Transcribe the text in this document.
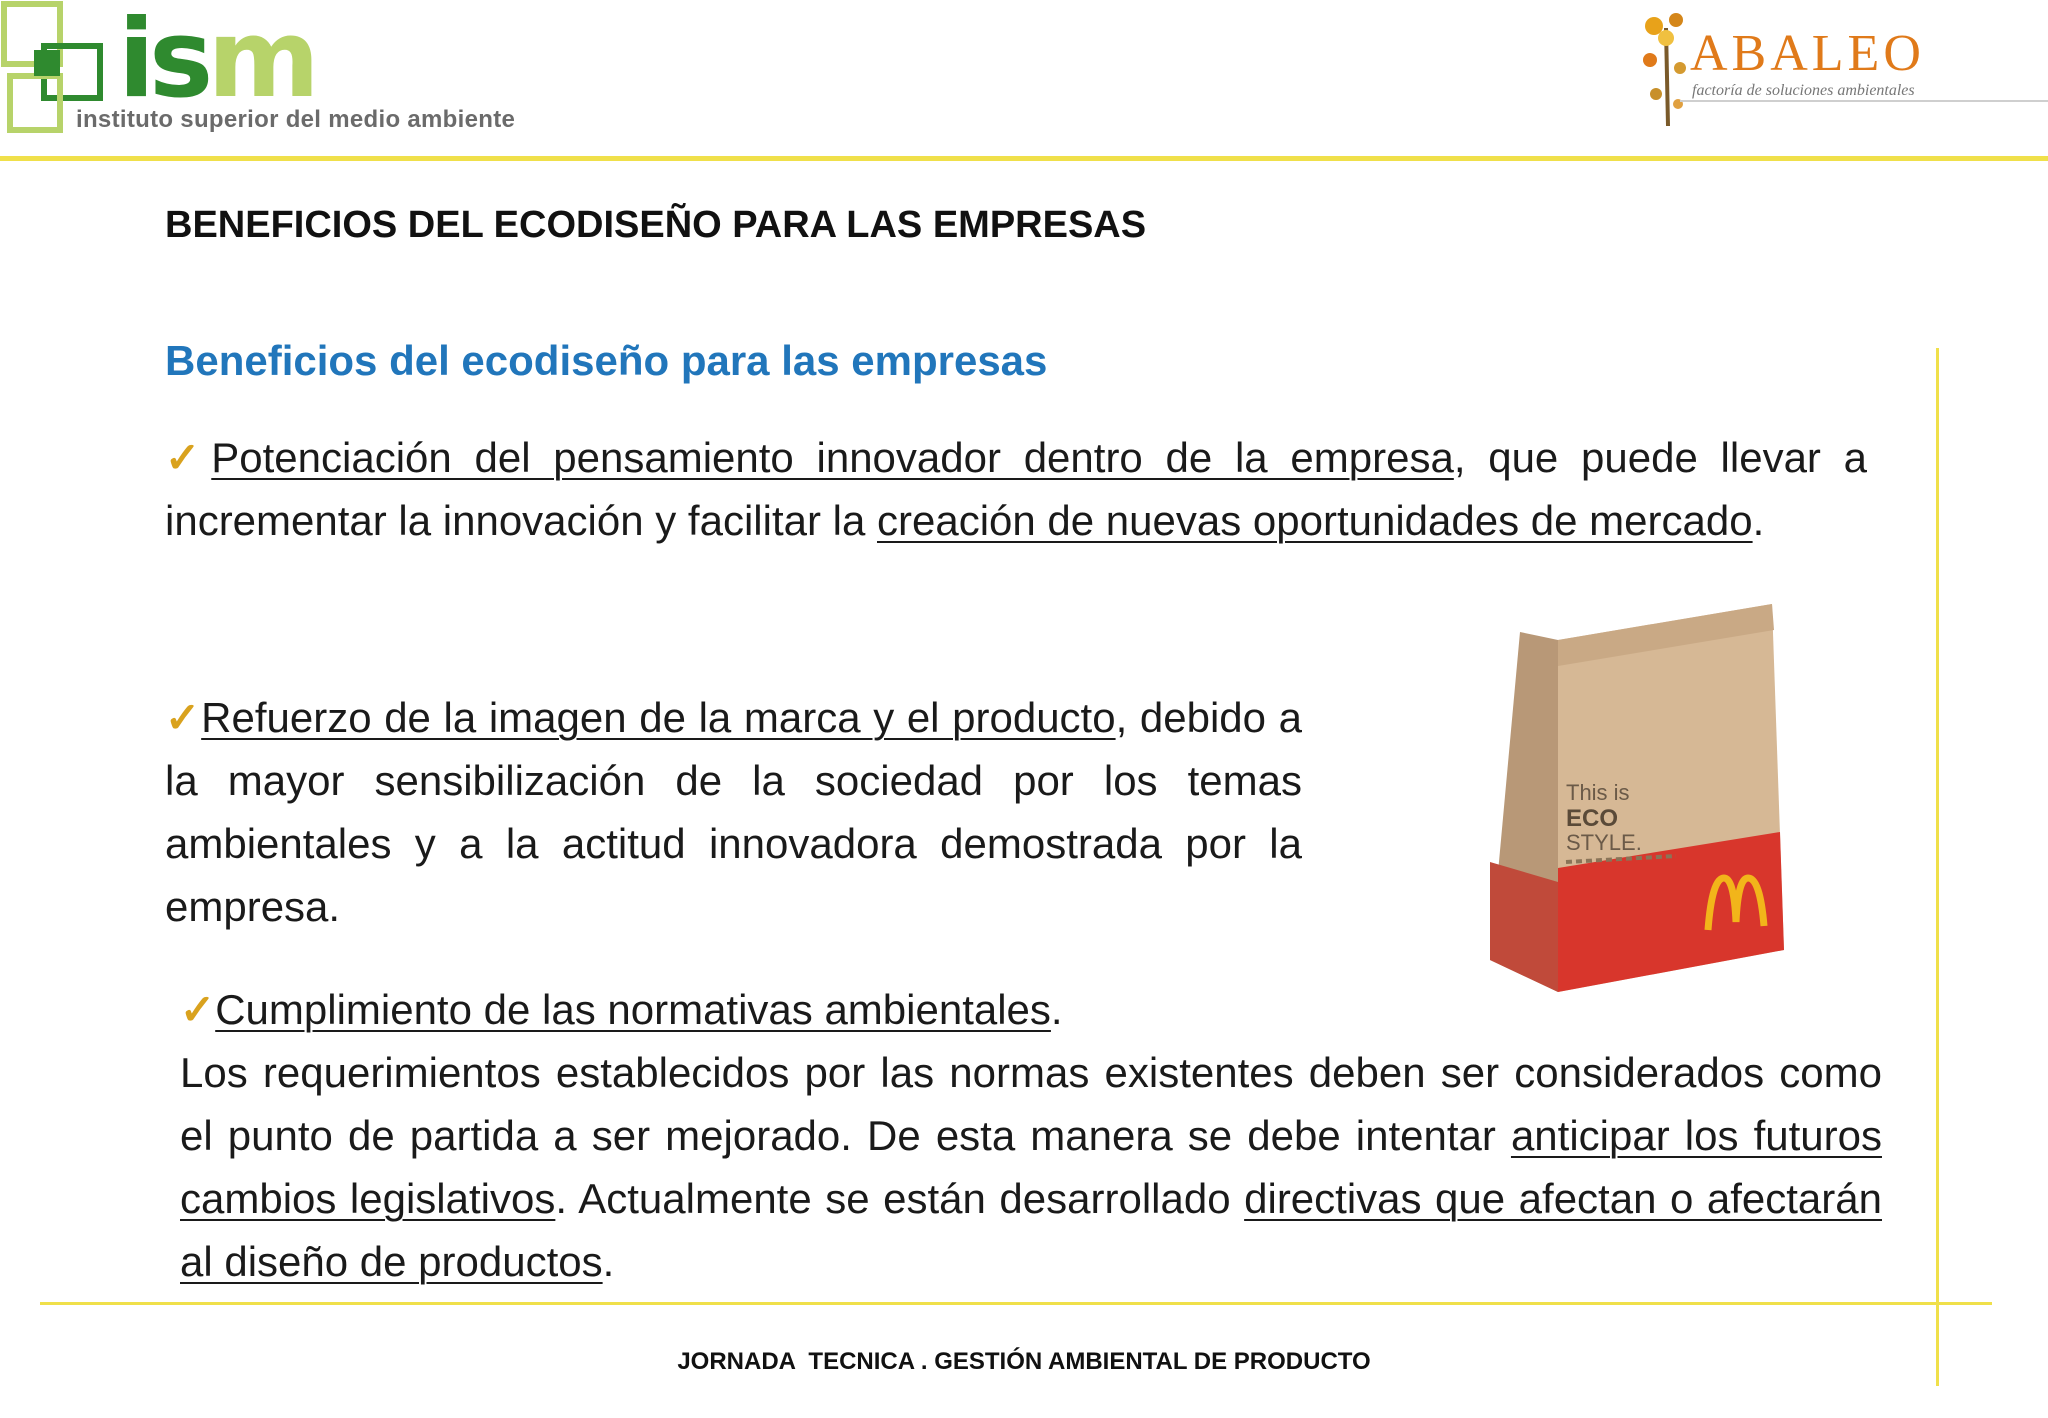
ism
instituto superior del medio ambiente
ABALEO
factoría de soluciones ambientales
BENEFICIOS DEL ECODISEÑO PARA LAS EMPRESAS
Beneficios del ecodiseño para las empresas
✓Potenciación del pensamiento innovador dentro de la empresa, que puede llevar a incrementar la innovación y facilitar la creación de nuevas oportunidades de mercado.
✓Refuerzo de la imagen de la marca y el producto, debido a la mayor sensibilización de la sociedad por los temas ambientales y a la actitud innovadora demostrada por la empresa.
✓Cumplimiento de las normativas ambientales.
Los requerimientos establecidos por las normas existentes deben ser considerados como el punto de partida a ser mejorado. De esta manera se debe intentar anticipar los futuros cambios legislativos. Actualmente se están desarrollado directivas que afectan o afectarán al diseño de productos.
This is
ECO
STYLE.
JORNADA  TECNICA . GESTIÓN AMBIENTAL DE PRODUCTO
